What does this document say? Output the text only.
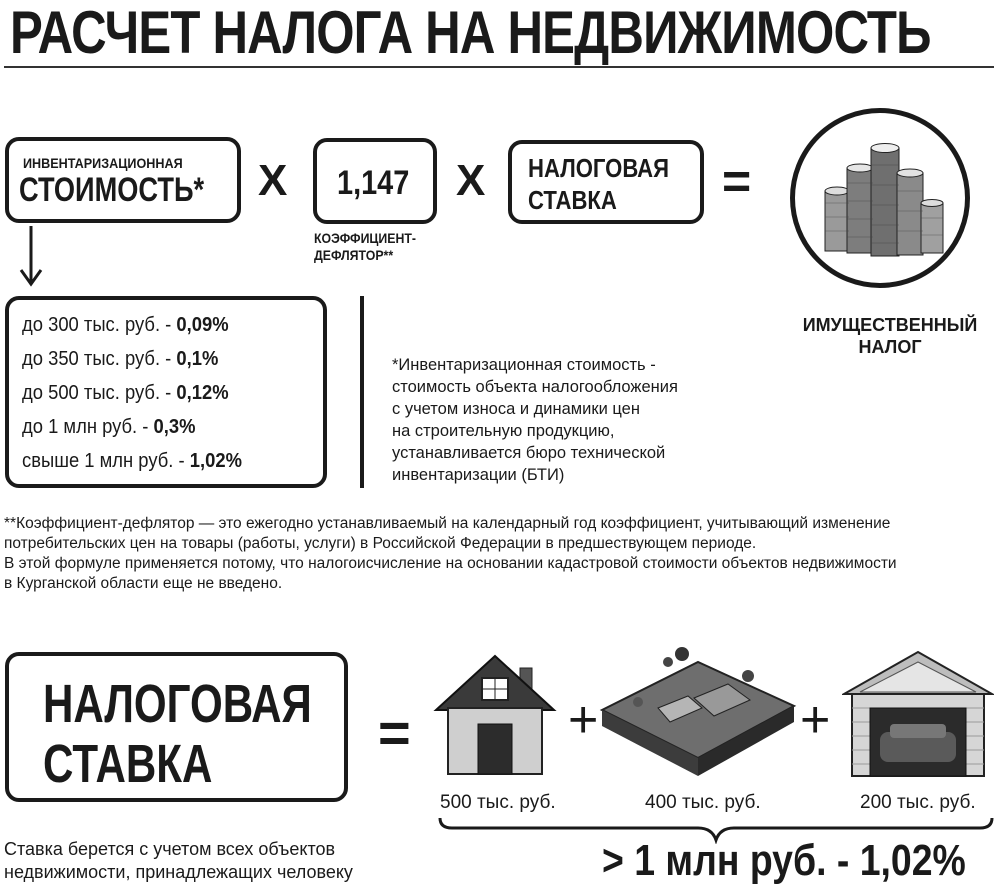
РАСЧЕТ НАЛОГА НА НЕДВИЖИМОСТЬ
ИНВЕНТАРИЗАЦИОННАЯ
СТОИМОСТЬ* Х 1,147
КОЭФФИЦИЕНТ-ДЕФЛЯТОР**
Х НАЛОГОВАЯ
СТАВКА	=
ИМУЩЕСТВЕННЫЙ
НАЛОГ
до 300 тыс. руб. - 0,09%
до 350 тыс. руб. - 0,1%
до 500 тыс. руб. - 0,12%
до 1 млн руб. - 0,3%
свыше 1 млн руб. - 1,02%
*Инвентаризационная стоимость -
стоимость объекта налогообложения
с учетом износа и динамики цен
на строительную продукцию,
устанавливается бюро технической
инвентаризации (БТИ)
**Коэффициент-дефлятор — это ежегодно устанавливаемый на календарный год коэффициент, учитывающий изменение
потребительских цен на товары (работы, услуги) в Российской Федерации в предшествующем периоде.
В этой формуле применяется потому, что налогоисчисление на основании кадастровой стоимости объектов недвижимости
в Курганской области еще не введено.
НАЛОГОВАЯ
СТАВКА	=	+	+
500 тыс. руб.	400 тыс. руб.	200 тыс. руб.
Ставка берется с учетом всех объектов
недвижимости, принадлежащих человеку	> 1 млн руб. - 1,02%
